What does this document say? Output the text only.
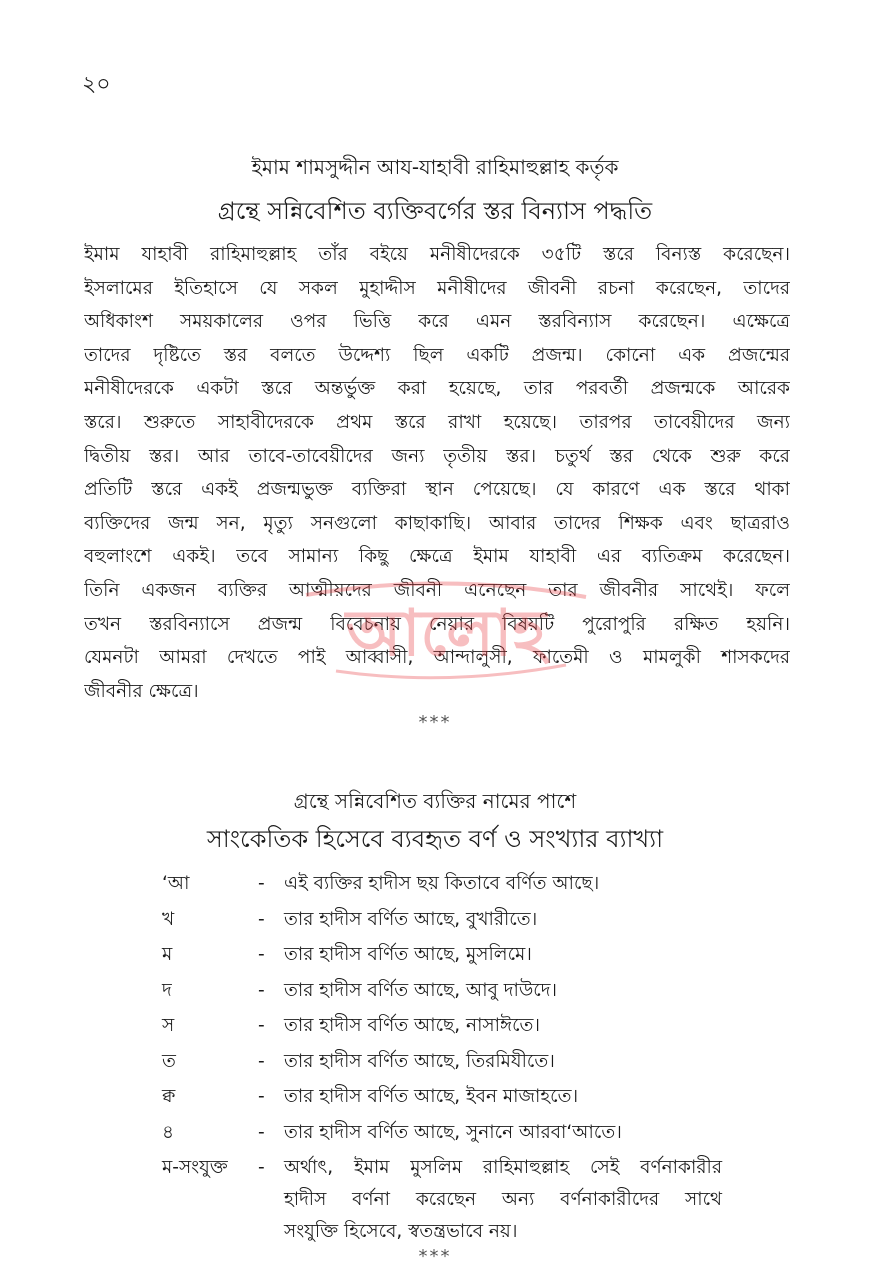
২০
ইমাম শামসুদ্দীন আয-যাহাবী রাহিমাহুল্লাহ কর্তৃক
গ্রন্থে সন্নিবেশিত ব্যক্তিবর্গের স্তর বিন্যাস পদ্ধতি
ইমাম যাহাবী রাহিমাহুল্লাহ তাঁর বইয়ে মনীষীদেরকে ৩৫টি স্তরে বিন্যস্ত করেছেন।
ইসলামের ইতিহাসে যে সকল মুহাদ্দীস মনীষীদের জীবনী রচনা করেছেন, তাদের
অধিকাংশ সময়কালের ওপর ভিত্তি করে এমন স্তরবিন্যাস করেছেন। এক্ষেত্রে
তাদের দৃষ্টিতে স্তর বলতে উদ্দেশ্য ছিল একটি প্রজন্ম। কোনো এক প্রজন্মের
মনীষীদেরকে একটা স্তরে অন্তর্ভুক্ত করা হয়েছে, তার পরবর্তী প্রজন্মকে আরেক
স্তরে। শুরুতে সাহাবীদেরকে প্রথম স্তরে রাখা হয়েছে। তারপর তাবেয়ীদের জন্য
দ্বিতীয় স্তর। আর তাবে-তাবেয়ীদের জন্য তৃতীয় স্তর। চতুর্থ স্তর থেকে শুরু করে
প্রতিটি স্তরে একই প্রজন্মভুক্ত ব্যক্তিরা স্থান পেয়েছে। যে কারণে এক স্তরে থাকা
ব্যক্তিদের জন্ম সন, মৃত্যু সনগুলো কাছাকাছি। আবার তাদের শিক্ষক এবং ছাত্ররাও
বহুলাংশে একই। তবে সামান্য কিছু ক্ষেত্রে ইমাম যাহাবী এর ব্যতিক্রম করেছেন।
তিনি একজন ব্যক্তির আত্মীয়দের জীবনী এনেছেন তার জীবনীর সাথেই। ফলে
তখন স্তরবিন্যাসে প্রজন্ম বিবেচনায় নেয়ার বিষয়টি পুরোপুরি রক্ষিত হয়নি।
যেমনটা আমরা দেখতে পাই আব্বাসী, আন্দালুসী, ফাতেমী ও মামলুকী শাসকদের
জীবনীর ক্ষেত্রে।
আলোহ
***
গ্রন্থে সন্নিবেশিত ব্যক্তির নামের পাশে
সাংকেতিক হিসেবে ব্যবহৃত বর্ণ ও সংখ্যার ব্যাখ্যা
‘আ	-	এই ব্যক্তির হাদীস ছয় কিতাবে বর্ণিত আছে।
খ	-	তার হাদীস বর্ণিত আছে, বুখারীতে।
ম	-	তার হাদীস বর্ণিত আছে, মুসলিমে।
দ	-	তার হাদীস বর্ণিত আছে, আবু দাউদে।
স	-	তার হাদীস বর্ণিত আছে, নাসাঈতে।
ত	-	তার হাদীস বর্ণিত আছে, তিরমিযীতে।
ক্ব	-	তার হাদীস বর্ণিত আছে, ইবন মাজাহতে।
৪	-	তার হাদীস বর্ণিত আছে, সুনানে আরবা‘আতে।
ম-সংযুক্ত	-	অর্থাৎ, ইমাম মুসলিম রাহিমাহুল্লাহ সেই বর্ণনাকারীর
হাদীস বর্ণনা করেছেন অন্য বর্ণনাকারীদের সাথে
সংযুক্তি হিসেবে, স্বতন্ত্রভাবে নয়।
***
